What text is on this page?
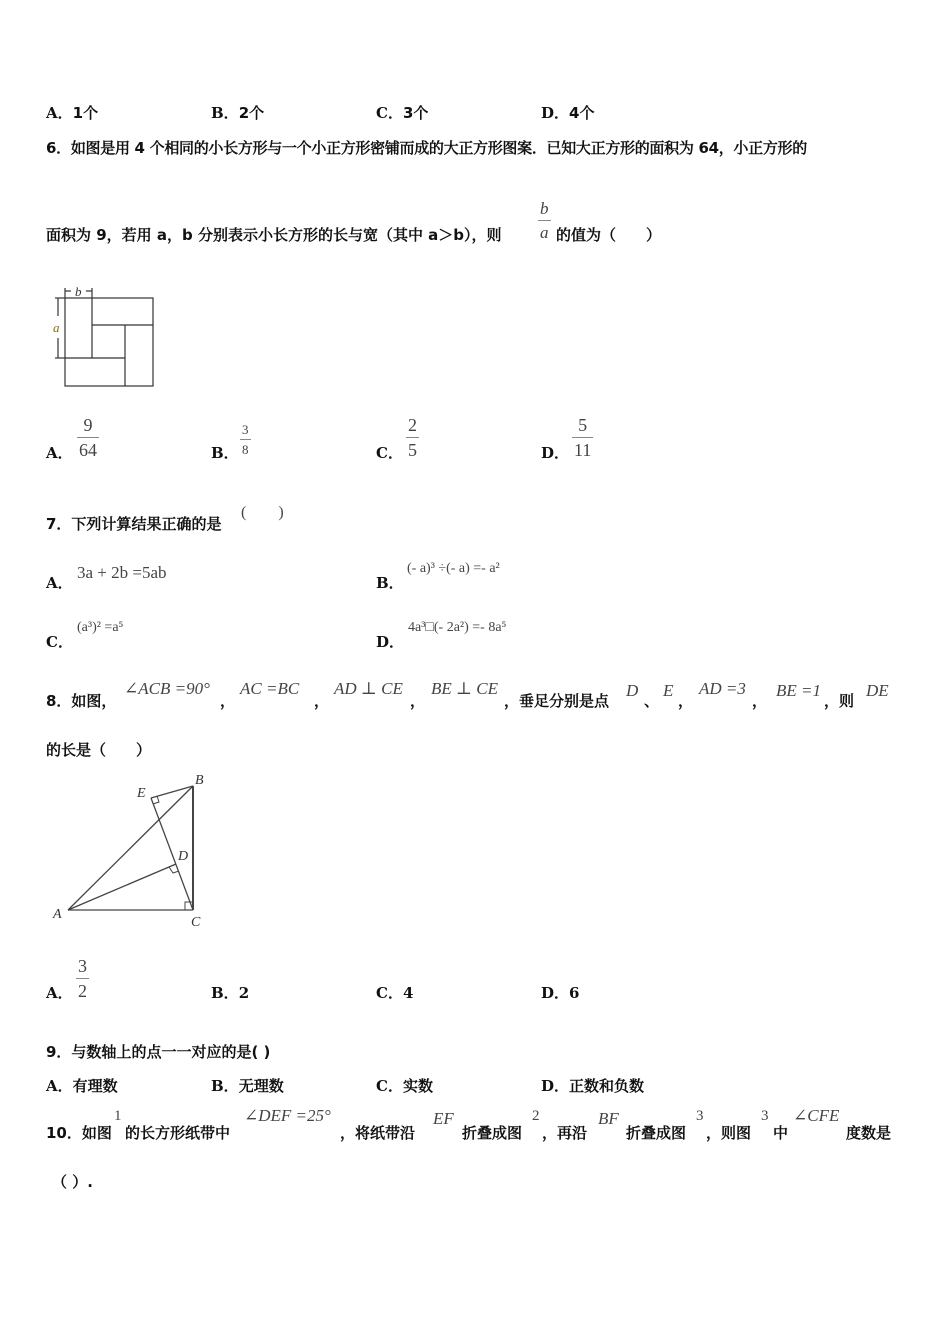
A．1个	B．2个	C．3个	D．4个
6．如图是用 4 个相同的小长方形与一个小正方形密铺而成的大正方形图案．已知大正方形的面积为 64，小正方形的
面积为 9，若用 a，b 分别表示小长方形的长与宽（其中 a＞b），则
b
a 的值为（　　）
b
a
A．
9
64	B．
3
8	C．
2
5	D．
5
11
7．下列计算结果正确的是
(　　)
A．
3a + 2b =5ab
B．
(- a)³ ÷(- a) =- a²
C．
(a³)² =a⁵
D．
4a³□(- 2a²) =- 8a⁵
8．如图，
∠ACB =90°
，
AC =BC
，
AD ⊥ CE
，
BE ⊥ CE
，垂足分别是点
D
、
E
，
AD =3
，
BE =1
，则
DE
的长是（　　）
A
B
C
D
E
A．
3
2	B．2	C．4	D．6
9．与数轴上的点一一对应的是( )
A．有理数	B．无理数	C．实数	D．正数和负数
10．如图
1
的长方形纸带中
∠DEF =25°
，将纸带沿
EF
折叠成图
2
，再沿
BF
折叠成图
3
，则图
3
中
∠CFE
度数是
（ ）.
